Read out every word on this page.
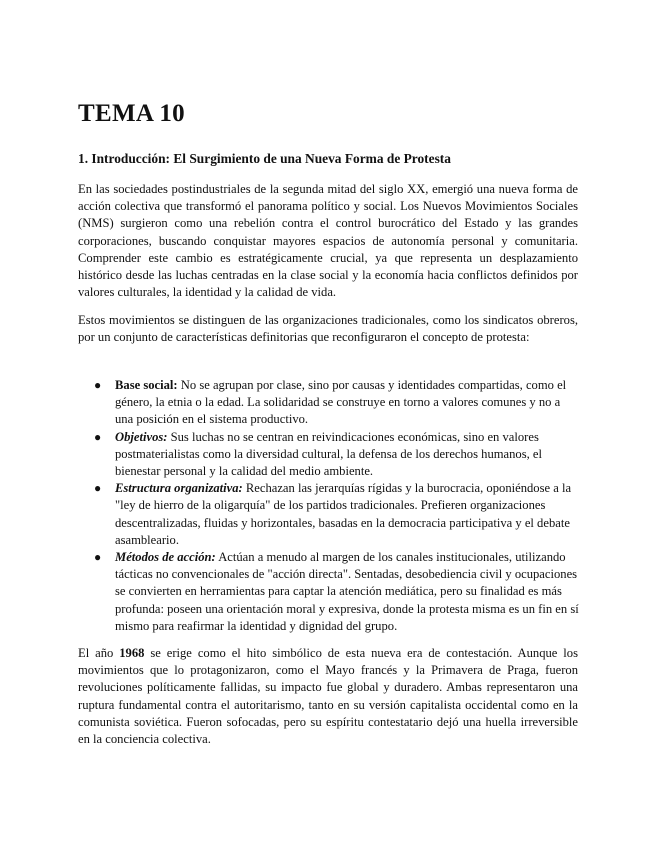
TEMA 10
1. Introducción: El Surgimiento de una Nueva Forma de Protesta

En las sociedades postindustriales de la segunda mitad del siglo XX, emergió una nueva forma de acción colectiva que transformó el panorama político y social. Los Nuevos Movimientos Sociales (NMS) surgieron como una rebelión contra el control burocrático del Estado y las grandes corporaciones, buscando conquistar mayores espacios de autonomía personal y comunitaria. Comprender este cambio es estratégicamente crucial, ya que representa un desplazamiento histórico desde las luchas centradas en la clase social y la economía hacia conflictos definidos por valores culturales, la identidad y la calidad de vida.

Estos movimientos se distinguen de las organizaciones tradicionales, como los sindicatos obreros, por un conjunto de características definitorias que reconfiguraron el concepto de protesta:

● Base social: No se agrupan por clase, sino por causas y identidades compartidas, como el género, la etnia o la edad. La solidaridad se construye en torno a valores comunes y no a una posición en el sistema productivo.
● Objetivos: Sus luchas no se centran en reivindicaciones económicas, sino en valores postmaterialistas como la diversidad cultural, la defensa de los derechos humanos, el bienestar personal y la calidad del medio ambiente.
● Estructura organizativa: Rechazan las jerarquías rígidas y la burocracia, oponiéndose a la "ley de hierro de la oligarquía" de los partidos tradicionales. Prefieren organizaciones descentralizadas, fluidas y horizontales, basadas en la democracia participativa y el debate asambleario.
● Métodos de acción: Actúan a menudo al margen de los canales institucionales, utilizando tácticas no convencionales de "acción directa". Sentadas, desobediencia civil y ocupaciones se convierten en herramientas para captar la atención mediática, pero su finalidad es más profunda: poseen una orientación moral y expresiva, donde la protesta misma es un fin en sí mismo para reafirmar la identidad y dignidad del grupo.

El año 1968 se erige como el hito simbólico de esta nueva era de contestación. Aunque los movimientos que lo protagonizaron, como el Mayo francés y la Primavera de Praga, fueron revoluciones políticamente fallidas, su impacto fue global y duradero. Ambas representaron una ruptura fundamental contra el autoritarismo, tanto en su versión capitalista occidental como en la comunista soviética. Fueron sofocadas, pero su espíritu contestatario dejó una huella irreversible en la conciencia colectiva.
